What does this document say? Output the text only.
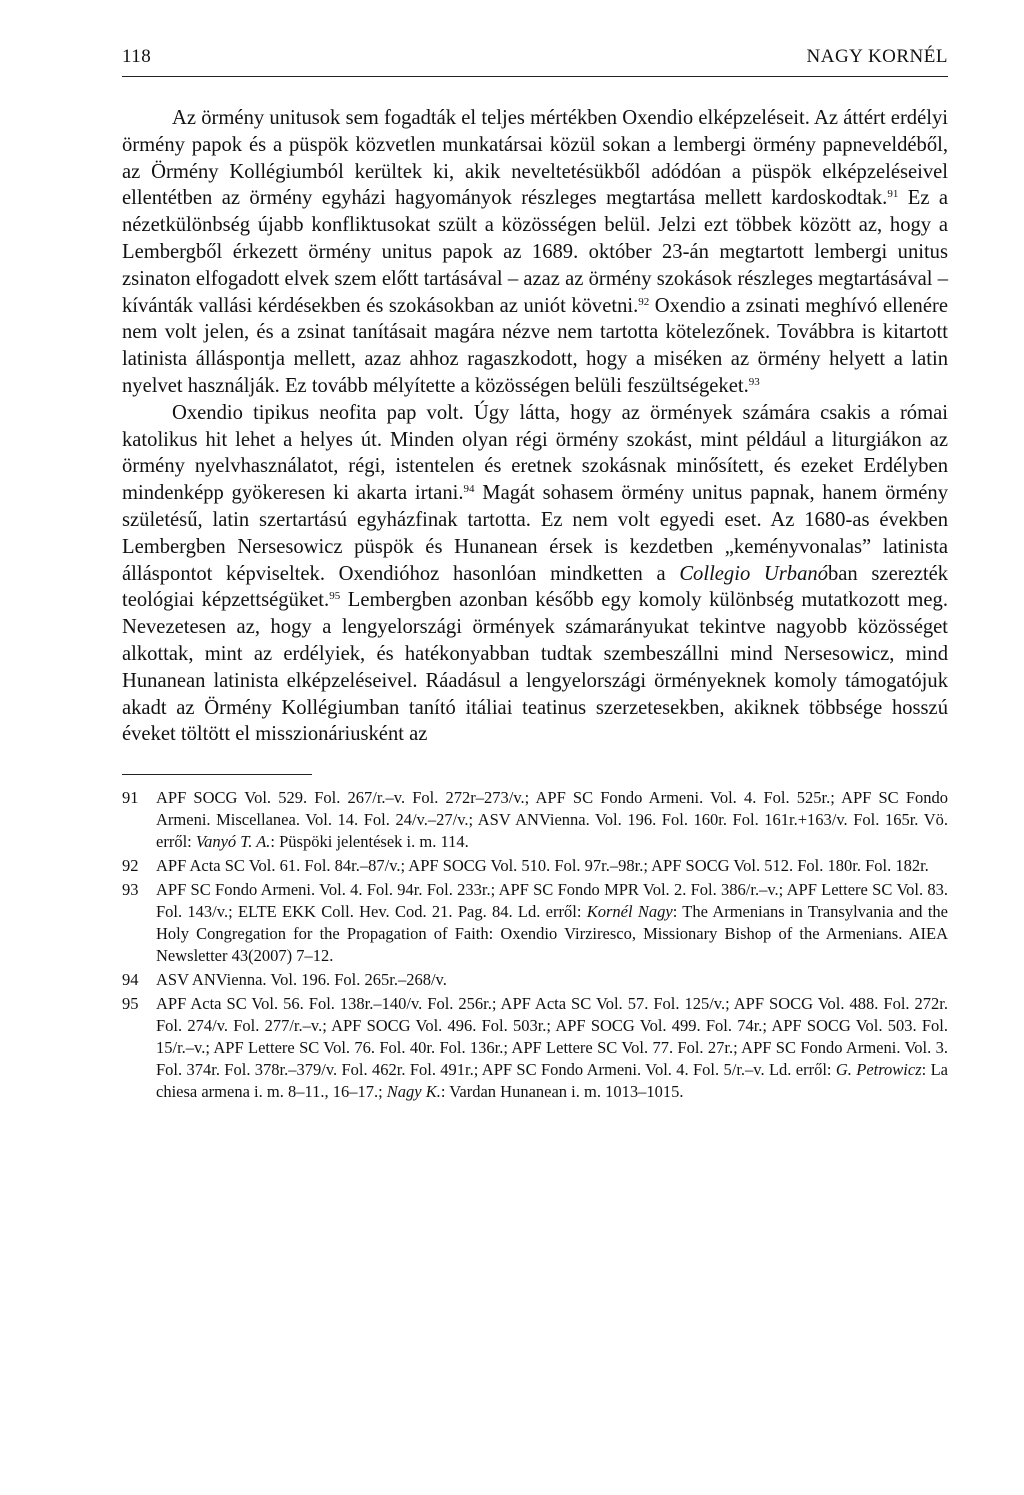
118	NAGY KORNÉL

Az örmény unitusok sem fogadták el teljes mértékben Oxendio elképzeléseit. Az áttért erdélyi örmény papok és a püspök közvetlen munkatársai közül sokan a lembergi örmény papneveldéből, az Örmény Kollégiumból kerültek ki, akik neveltetésükből adódóan a püspök elképzeléseivel ellentétben az örmény egyházi hagyományok részleges megtartása mellett kardoskodtak.$^{91}$ Ez a nézetkülönbség újabb konfliktusokat szült a közösségen belül. Jelzi ezt többek között az, hogy a Lembergből érkezett örmény unitus papok az 1689. október 23-án megtartott lembergi unitus zsinaton elfogadott elvek szem előtt tartásával – azaz az örmény szokások részleges megtartásával – kívánták vallási kérdésekben és szokásokban az uniót követni.$^{92}$ Oxendio a zsinati meghívó ellenére nem volt jelen, és a zsinat tanításait magára nézve nem tartotta kötelezőnek. Továbbra is kitartott latinista álláspontja mellett, azaz ahhoz ragaszkodott, hogy a miséken az örmény helyett a latin nyelvet használják. Ez tovább mélyítette a közösségen belüli feszültségeket.$^{93}$

Oxendio tipikus neofita pap volt. Úgy látta, hogy az örmények számára csakis a római katolikus hit lehet a helyes út. Minden olyan régi örmény szokást, mint például a liturgiákon az örmény nyelvhasználatot, régi, istentelen és eretnek szokásnak minősített, és ezeket Erdélyben mindenképp gyökeresen ki akarta irtani.$^{94}$ Magát sohasem örmény unitus papnak, hanem örmény születésű, latin szertartású egyházfinak tartotta. Ez nem volt egyedi eset. Az 1680-as években Lembergben Nersesowicz püspök és Hunanean érsek is kezdetben „keményvonalas” latinista álláspontot képviseltek. Oxendióhoz hasonlóan mindketten a Collegio Urbanóban szerezték teológiai képzettségüket.$^{95}$ Lembergben azonban később egy komoly különbség mutatkozott meg. Nevezetesen az, hogy a lengyelországi örmények számarányukat tekintve nagyobb közösséget alkottak, mint az erdélyiek, és hatékonyabban tudtak szembeszállni mind Nersesowicz, mind Hunanean latinista elképzeléseivel. Ráadásul a lengyelországi örményeknek komoly támogatójuk akadt az Örmény Kollégiumban tanító itáliai teatinus szerzetesekben, akiknek többsége hosszú éveket töltött el misszionáriusként az

91 APF SOCG Vol. 529. Fol. 267/r.–v. Fol. 272r–273/v.; APF SC Fondo Armeni. Vol. 4. Fol. 525r.; APF SC Fondo Armeni. Miscellanea. Vol. 14. Fol. 24/v.–27/v.; ASV ANVienna. Vol. 196. Fol. 160r. Fol. 161r.+163/v. Fol. 165r. Vö. erről: Vanyó T. A.: Püspöki jelentések i. m. 114.
92 APF Acta SC Vol. 61. Fol. 84r.–87/v.; APF SOCG Vol. 510. Fol. 97r.–98r.; APF SOCG Vol. 512. Fol. 180r. Fol. 182r.
93 APF SC Fondo Armeni. Vol. 4. Fol. 94r. Fol. 233r.; APF SC Fondo MPR Vol. 2. Fol. 386/r.–v.; APF Lettere SC Vol. 83. Fol. 143/v.; ELTE EKK Coll. Hev. Cod. 21. Pag. 84. Ld. erről: Kornél Nagy: The Armenians in Transylvania and the Holy Congregation for the Propagation of Faith: Oxendio Virziresco, Missionary Bishop of the Armenians. AIEA Newsletter 43(2007) 7–12.
94 ASV ANVienna. Vol. 196. Fol. 265r.–268/v.
95 APF Acta SC Vol. 56. Fol. 138r.–140/v. Fol. 256r.; APF Acta SC Vol. 57. Fol. 125/v.; APF SOCG Vol. 488. Fol. 272r. Fol. 274/v. Fol. 277/r.–v.; APF SOCG Vol. 496. Fol. 503r.; APF SOCG Vol. 499. Fol. 74r.; APF SOCG Vol. 503. Fol. 15/r.–v.; APF Lettere SC Vol. 76. Fol. 40r. Fol. 136r.; APF Lettere SC Vol. 77. Fol. 27r.; APF SC Fondo Armeni. Vol. 3. Fol. 374r. Fol. 378r.–379/v. Fol. 462r. Fol. 491r.; APF SC Fondo Armeni. Vol. 4. Fol. 5/r.–v. Ld. erről: G. Petrowicz: La chiesa armena i. m. 8–11., 16–17.; Nagy K.: Vardan Hunanean i. m. 1013–1015.
